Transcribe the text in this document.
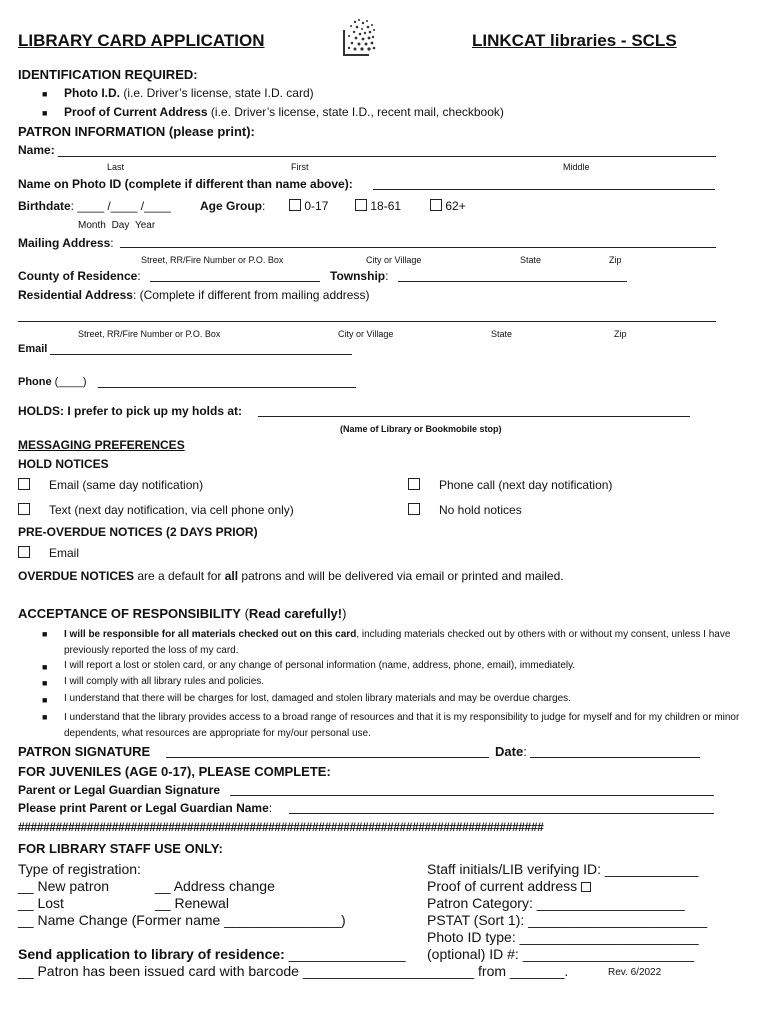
LIBRARY CARD APPLICATION	LINKCAT libraries - SCLS
IDENTIFICATION REQUIRED:
■ Photo I.D. (i.e. Driver’s license, state I.D. card)
■ Proof of Current Address (i.e. Driver’s license, state I.D., recent mail, checkbook)
PATRON INFORMATION (please print):
Name:
Last	First	Middle
Name on Photo ID (complete if different than name above):
Birthdate: ____ /____ /____ Age Group:	0-17	18-61	62+
Month Day Year
Mailing Address:
Street, RR/Fire Number or P.O. Box	City or Village	State	Zip
County of Residence:	Township:
Residential Address: (Complete if different from mailing address)
Street, RR/Fire Number or P.O. Box	City or Village	State	Zip
Email
Phone (____)
HOLDS: I prefer to pick up my holds at:
(Name of Library or Bookmobile stop)
MESSAGING PREFERENCES
HOLD NOTICES
Email (same day notification)	Phone call (next day notification)
Text (next day notification, via cell phone only)	No hold notices
PRE-OVERDUE NOTICES (2 DAYS PRIOR)
Email
OVERDUE NOTICES are a default for all patrons and will be delivered via email or printed and mailed.
ACCEPTANCE OF RESPONSIBILITY (Read carefully!)
■ I will be responsible for all materials checked out on this card, including materials checked out by others with or without my consent, unless I have previously reported the loss of my card.
■ I will report a lost or stolen card, or any change of personal information (name, address, phone, email), immediately.
■ I will comply with all library rules and policies.
■ I understand that there will be charges for lost, damaged and stolen library materials and may be overdue charges.
■ I understand that the library provides access to a broad range of resources and that it is my responsibility to judge for myself and for my children or minor dependents, what resources are appropriate for my/our personal use.
PATRON SIGNATURE	Date:
FOR JUVENILES (AGE 0-17), PLEASE COMPLETE:
Parent or Legal Guardian Signature
Please print Parent or Legal Guardian Name:
####################################################################################
FOR LIBRARY STAFF USE ONLY:
Type of registration:
__ New patron	__ Address change
__ Lost	__ Renewal
__ Name Change (Former name _______________)
Staff initials/LIB verifying ID: ____________
Proof of current address
Patron Category: ___________________
PSTAT (Sort 1): _______________________
Photo ID type: _______________________
(optional) ID #: ______________________
Send application to library of residence: _______________
__ Patron has been issued card with barcode ______________________ from _______.	Rev. 6/2022
